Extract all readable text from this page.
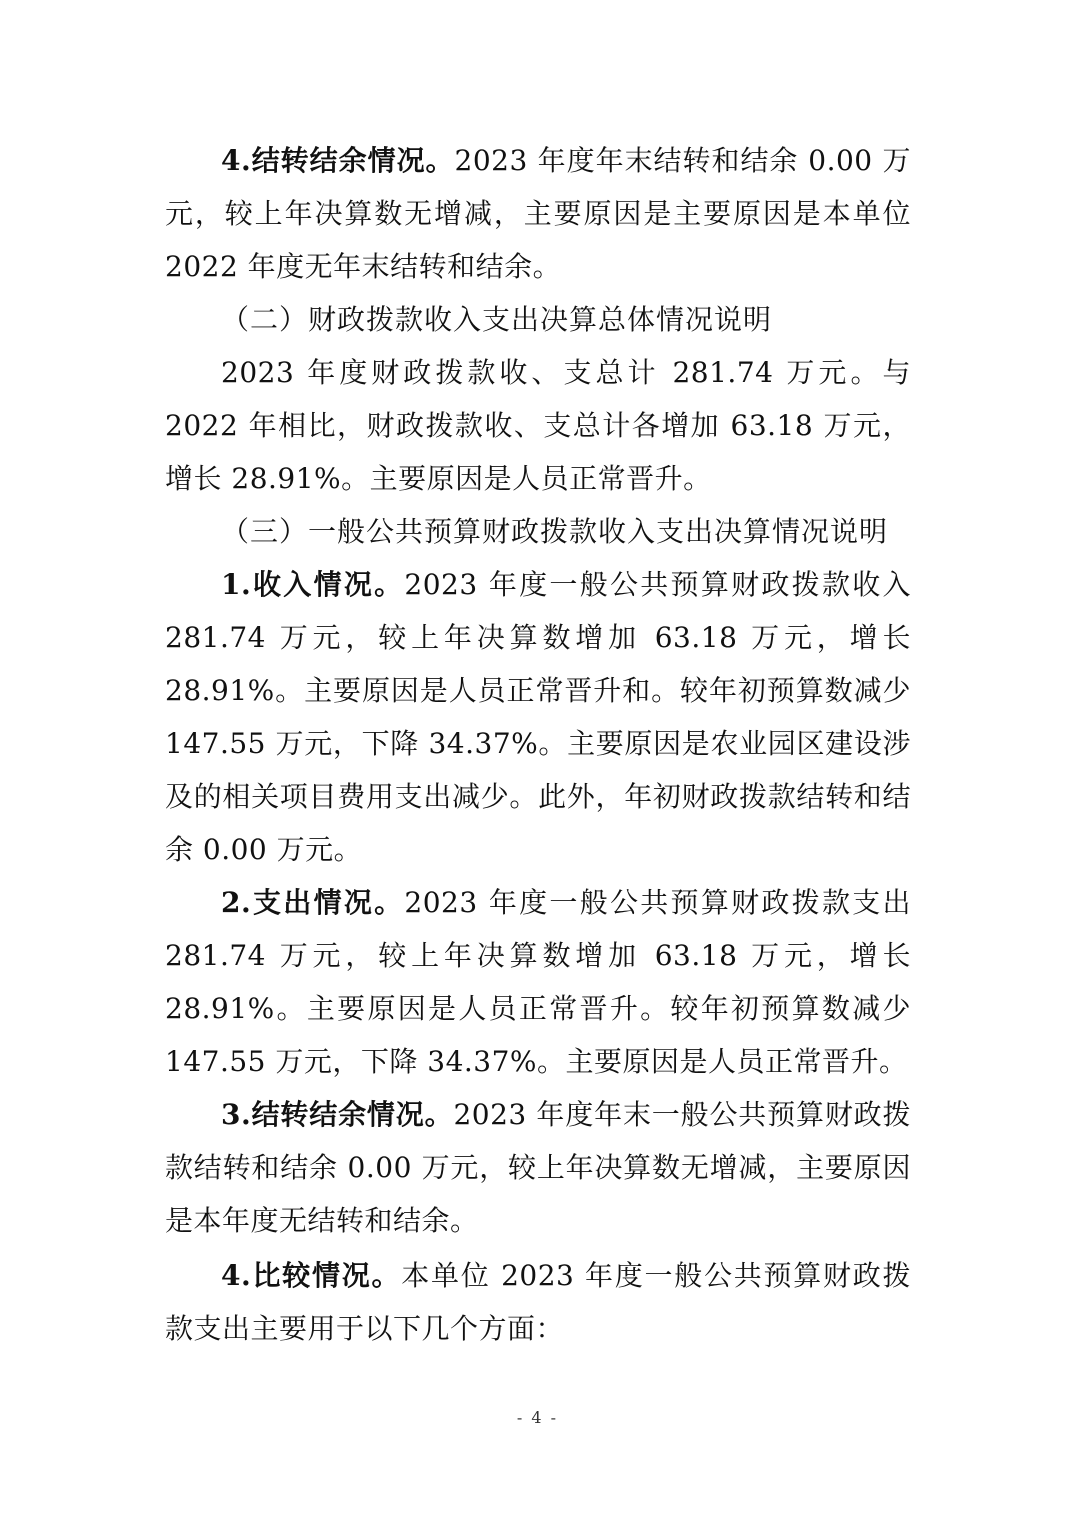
4.结转结余情况。2023 年度年末结转和结余 0.00 万元，较上年决算数无增减，主要原因是主要原因是本单位 2022 年度无年末结转和结余。

（二）财政拨款收入支出决算总体情况说明

2023 年度财政拨款收、支总计 281.74 万元。与 2022 年相比，财政拨款收、支总计各增加 63.18 万元，增长 28.91%。主要原因是人员正常晋升。

（三）一般公共预算财政拨款收入支出决算情况说明

1.收入情况。2023 年度一般公共预算财政拨款收入 281.74 万元，较上年决算数增加 63.18 万元，增长 28.91%。主要原因是人员正常晋升和。较年初预算数减少 147.55 万元，下降 34.37%。主要原因是农业园区建设涉及的相关项目费用支出减少。此外，年初财政拨款结转和结余 0.00 万元。

2.支出情况。2023 年度一般公共预算财政拨款支出 281.74 万元，较上年决算数增加 63.18 万元，增长 28.91%。主要原因是人员正常晋升。较年初预算数减少 147.55 万元，下降 34.37%。主要原因是人员正常晋升。

3.结转结余情况。2023 年度年末一般公共预算财政拨款结转和结余 0.00 万元，较上年决算数无增减，主要原因是本年度无结转和结余。

4.比较情况。本单位 2023 年度一般公共预算财政拨款支出主要用于以下几个方面：

- 4 -
